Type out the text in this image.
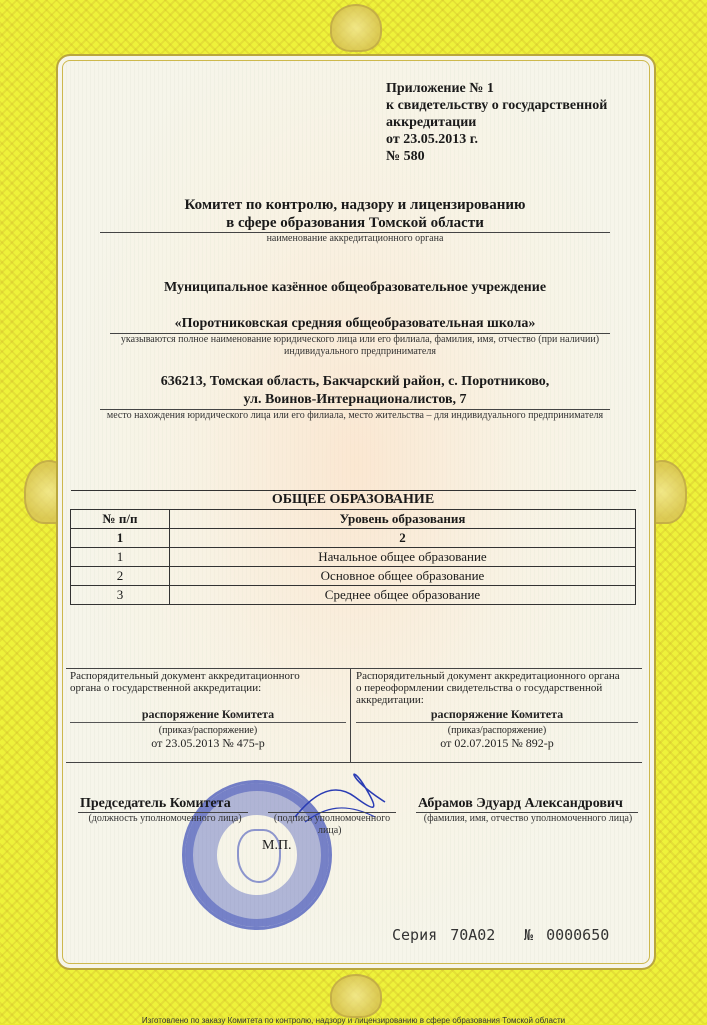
Приложение № 1
к свидетельству о государственной
аккредитации
от 23.05.2013 г.
№ 580
Комитет по контролю, надзору и лицензированию
в сфере образования Томской области
наименование аккредитационного органа
Муниципальное казённое общеобразовательное учреждение
«Поротниковская средняя общеобразовательная школа»
указываются полное наименование юридического лица или его филиала, фамилия, имя, отчество (при наличии)
индивидуального предпринимателя
636213, Томская область, Бакчарский район, с. Поротниково,
ул. Воинов-Интернационалистов, 7
место нахождения юридического лица или его филиала, место жительства – для индивидуального предпринимателя
ОБЩЕЕ ОБРАЗОВАНИЕ	
№ п/п	Уровень образования
1	2
1	Начальное общее образование
2	Основное общее образование
3	Среднее общее образование
Распорядительный документ аккредитационного
органа о государственной аккредитации:
распоряжение Комитета
(приказ/распоряжение)
от 23.05.2013 № 475-р
Распорядительный документ аккредитационного органа
о переоформлении свидетельства о государственной
аккредитации:
распоряжение Комитета
(приказ/распоряжение)
от 02.07.2015 № 892-р
Председатель Комитета
(должность уполномоченного лица)	(подпись уполномоченного
лица)
М.П.
Абрамов Эдуард Александрович
(фамилия, имя, отчество уполномоченного лица)
Серия 70А02 № 0000650
Изготовлено по заказу Комитета по контролю, надзору и лицензированию в сфере образования Томской области
